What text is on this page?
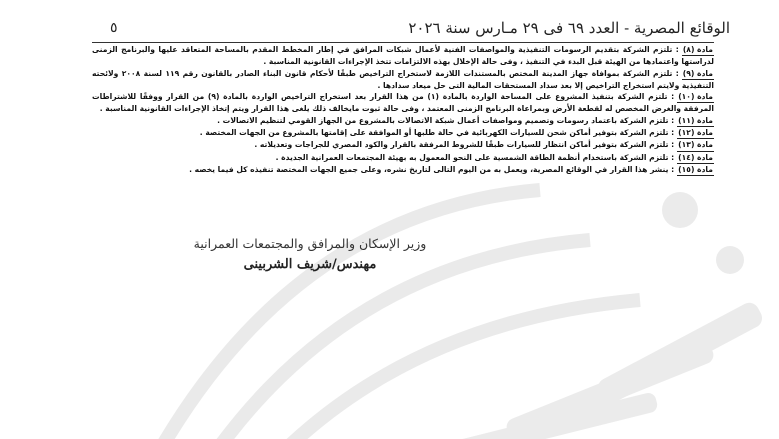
الوقائع المصرية - العدد ٦٩ فى ٢٩ مـارس سنة ٢٠٢٦
٥

مادة (٨): تلتزم الشركة بتقديم الرسومات التنفيذية والمواصفات الفنية لأعمال شبكات المرافق في إطار المخطط المقدم بالمساحة المتعاقد عليها والبرنامج الزمنى لدراستها واعتمادها من الهيئة قبل البدء في التنفيذ ، وفى حالة الإخلال بهذه الالتزامات تتخذ الإجراءات القانونية المناسبة .

مادة (٩): تلتزم الشركة بموافاة جهاز المدينة المختص بالمستندات اللازمة لاستخراج التراخيص طبقًا لأحكام قانون البناء الصادر بالقانون رقم ١١٩ لسنة ٢٠٠٨ ولائحته التنفيذية ولايتم استخراج التراخيص إلا بعد سداد المستحقات المالية التى حل ميعاد سدادها .

مادة (١٠): تلتزم الشركة بتنفيذ المشروع على المساحة الواردة بالمادة (١) من هذا القرار بعد استخراج التراخيص الواردة بالمادة (٩) من القرار ووفقًا للاشتراطات المرفقة والغرض المخصص له لقطعة الأرض وبمراعاة البرنامج الزمنى المعتمد ، وفى حالة ثبوت مايخالف ذلك يلغى هذا القرار ويتم إتخاذ الإجراءات القانونية المناسبة .

مادة (١١): تلتزم الشركة باعتماد رسومات وتصميم ومواصفات أعمال شبكة الاتصالات بالمشروع من الجهاز القومي لتنظيم الاتصالات .

مادة (١٢): تلتزم الشركة بتوفير أماكن شحن للسيارات الكهربائية في حالة طلبها أو الموافقة على إقامتها بالمشروع من الجهات المختصة .

مادة (١٣): تلتزم الشركة بتوفير أماكن انتظار للسيارات طبقًا للشروط المرفقة بالقرار والكود المصري للجراجات وتعديلاته .

مادة (١٤): تلتزم الشركة باستخدام أنظمة الطاقة الشمسية على النحو المعمول به بهيئة المجتمعات العمرانية الجديدة .

مادة (١٥): ينشر هذا القرار في الوقائع المصرية، ويعمل به من اليوم التالى لتاريخ نشره، وعلى جميع الجهات المختصة تنفيذه كل فيما يخصه .

وزير الإسكان والمرافق والمجتمعات العمرانية
مهندس/شريف الشربينى
